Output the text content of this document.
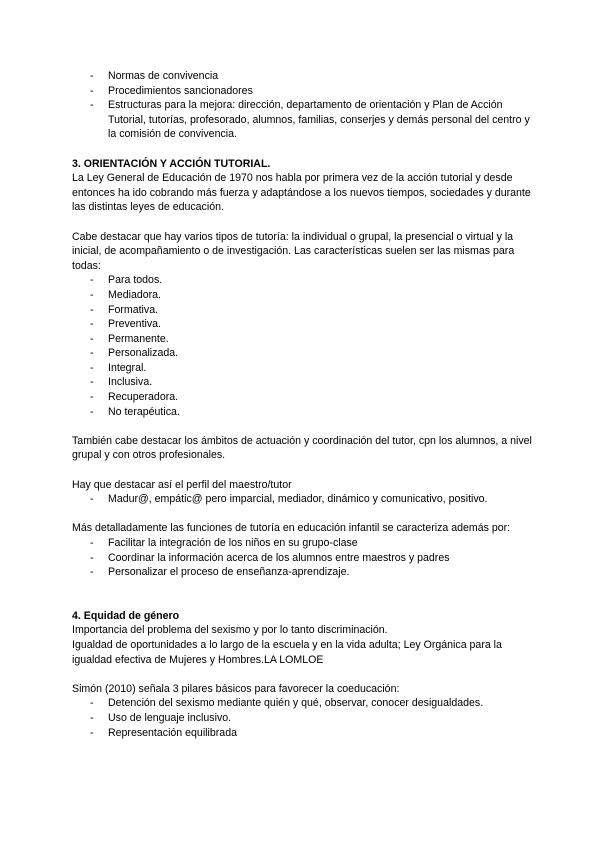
- Normas de convivencia
- Procedimientos sancionadores
- Estructuras para la mejora: dirección, departamento de orientación y Plan de Acción Tutorial, tutorías, profesorado, alumnos, familias, conserjes y demás personal del centro y la comisión de convivencia.
3. ORIENTACIÓN Y ACCIÓN TUTORIAL.

La Ley General de Educación de 1970 nos habla por primera vez de la acción tutorial y desde entonces ha ido cobrando más fuerza y adaptándose a los nuevos tiempos, sociedades y durante las distintas leyes de educación.

Cabe destacar que hay varios tipos de tutoría: la individual o grupal, la presencial o virtual y la inicial, de acompañamiento o de investigación. Las características suelen ser las mismas para todas:

- Para todos.
- Mediadora.
- Formativa.
- Preventiva.
- Permanente.
- Personalizada.
- Integral.
- Inclusiva.
- Recuperadora.
- No terapéutica.

También cabe destacar los ámbitos de actuación y coordinación del tutor, cpn los alumnos, a nivel grupal y con otros profesionales.

Hay que destacar así el perfil del maestro/tutor

- Madur@, empátic@ pero imparcial, mediador, dinámico y comunicativo, positivo.

Más detalladamente las funciones de tutoría en educación infantil se caracteriza además por:

- Facilitar la integración de los niños en su grupo-clase
- Coordinar la información acerca de los alumnos entre maestros y padres
- Personalizar el proceso de enseñanza-aprendizaje.
4. Equidad de género

Importancia del problema del sexismo y por lo tanto discriminación.

Igualdad de oportunidades a lo largo de la escuela y en la vida adulta; Ley Orgánica para la igualdad efectiva de Mujeres y Hombres.LA LOMLOE

Simón (2010) señala 3 pilares básicos para favorecer la coeducación:

- Detención del sexismo mediante quién y qué, observar, conocer desigualdades.
- Uso de lenguaje inclusivo.
- Representación equilibrada
